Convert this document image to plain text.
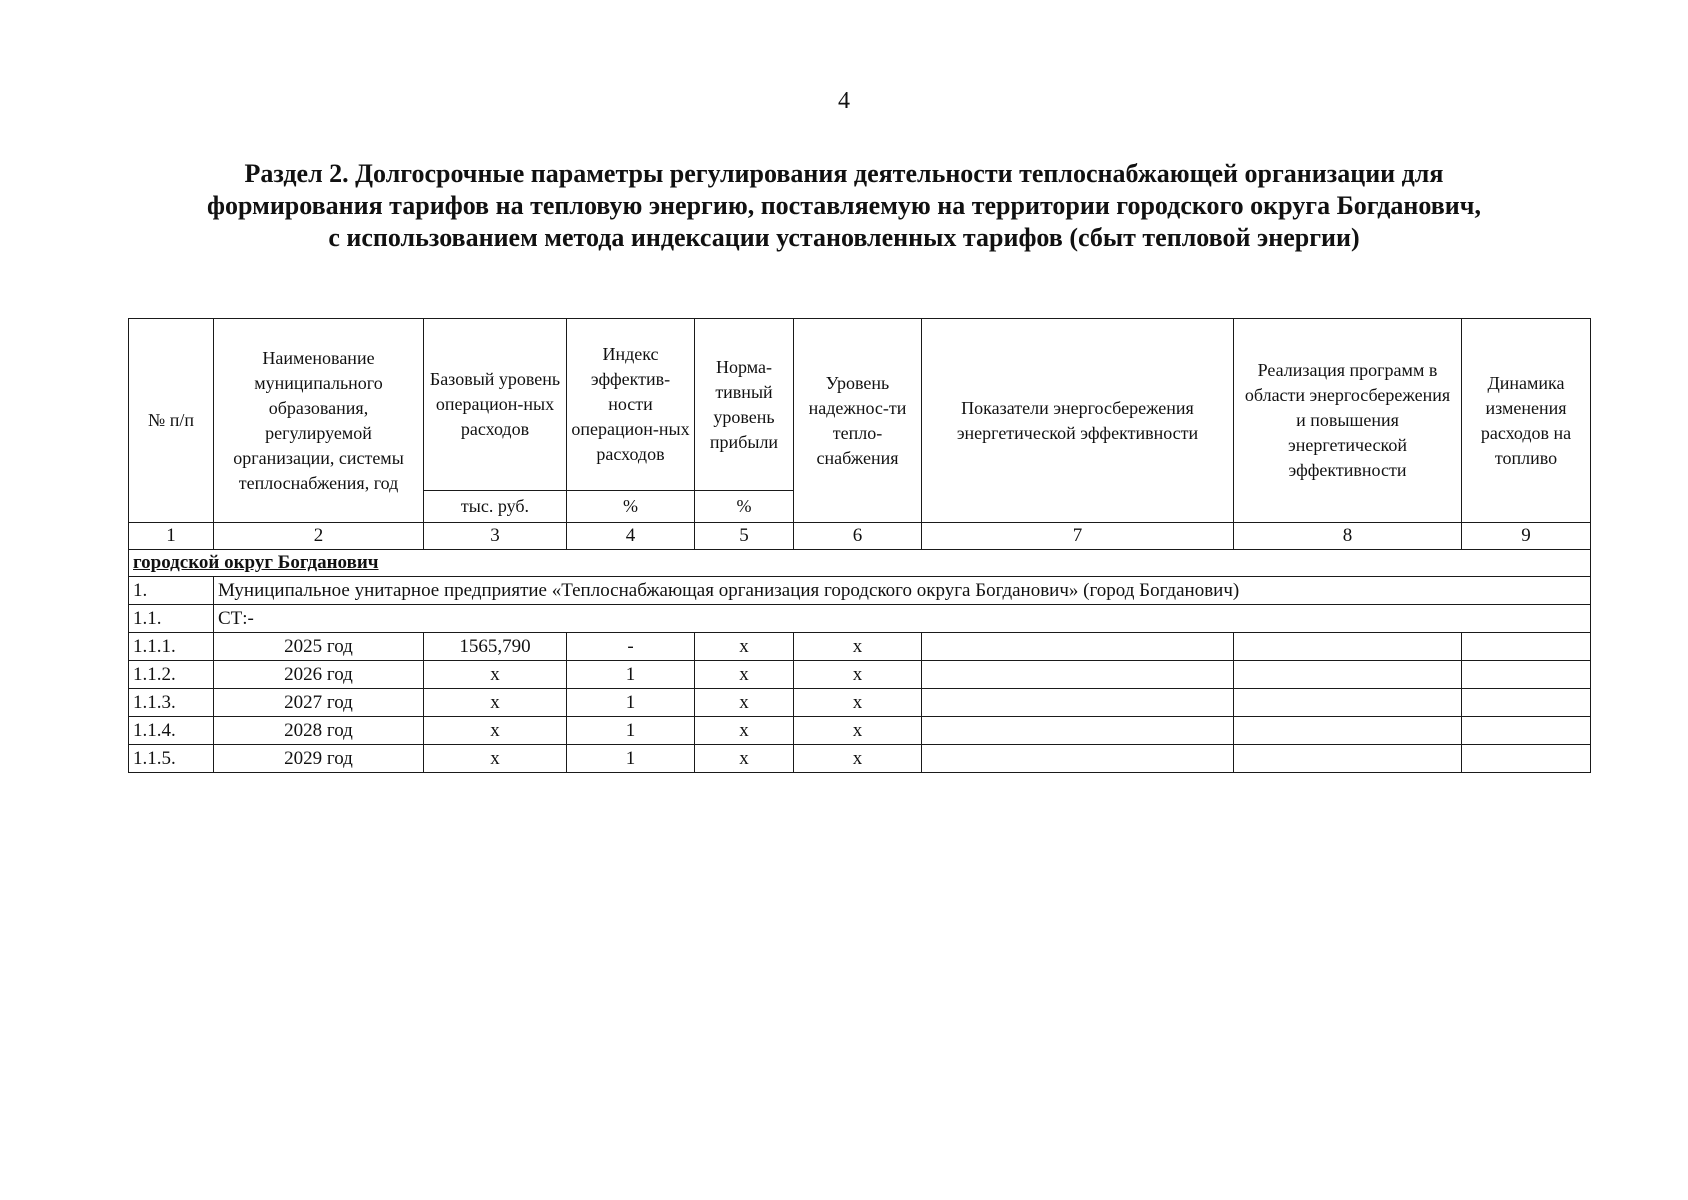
4
Раздел 2. Долгосрочные параметры регулирования деятельности теплоснабжающей организации для
формирования тарифов на тепловую энергию, поставляемую на территории городского округа Богданович,
с использованием метода индексации установленных тарифов (сбыт тепловой энергии)
№ п/п	Наименование муниципального образования, регулируемой организации, системы теплоснабжения, год	Базовый уровень операцион-ных расходов	Индекс эффектив-ности операцион-ных расходов	Норма-тивный уровень прибыли	Уровень надежнос-ти тепло-снабжения	Показатели энергосбережения энергетической эффективности	Реализация программ в области энергосбережения и повышения энергетической эффективности	Динамика изменения расходов на топливо
		тыс. руб.	%	%				
1	2	3	4	5	6	7	8	9
городской округ Богданович								
1.	Муниципальное унитарное предприятие «Теплоснабжающая организация городского округа Богданович» (город Богданович)							
1.1.	СТ:-							
1.1.1.	2025 год	1565,790	-	х	х			
1.1.2.	2026 год	х	1	х	х			
1.1.3.	2027 год	х	1	х	х			
1.1.4.	2028 год	х	1	х	х			
1.1.5.	2029 год	х	1	х	х			
